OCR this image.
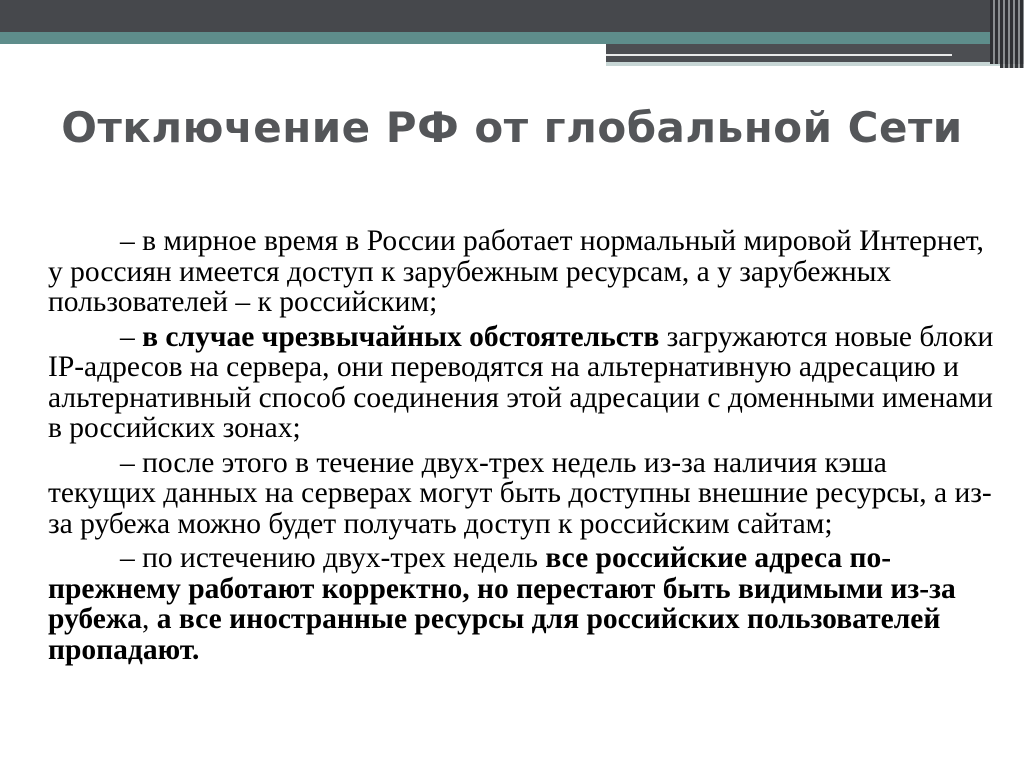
Отключение РФ от глобальной Сети

– в мирное время в России работает нормальный мировой Интернет, у россиян имеется доступ к зарубежным ресурсам, а у зарубежных пользователей – к российским;

– в случае чрезвычайных обстоятельств загружаются новые блоки IP-адресов на сервера, они переводятся на альтернативную адресацию и альтернативный способ соединения этой адресации с доменными именами в российских зонах;

– после этого в течение двух-трех недель из-за наличия кэша текущих данных на серверах могут быть доступны внешние ресурсы, а из-за рубежа можно будет получать доступ к российским сайтам;

– по истечению двух-трех недель все российские адреса по-прежнему работают корректно, но перестают быть видимыми из-за рубежа, а все иностранные ресурсы для российских пользователей пропадают.
